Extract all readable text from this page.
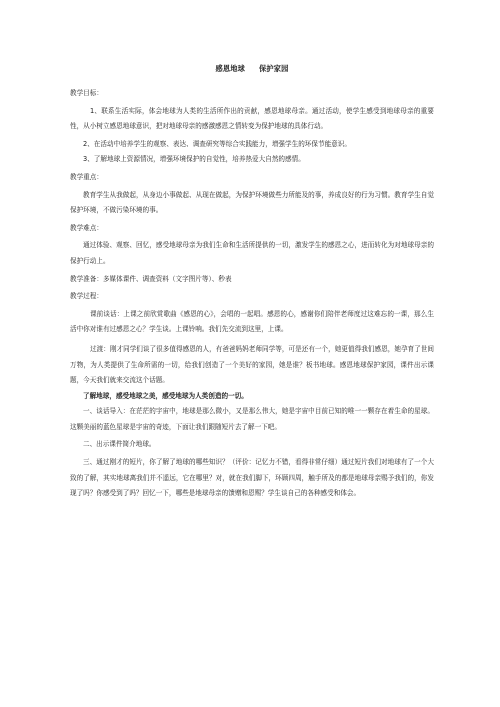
感恩地球 保护家园

教学目标：

1、联系生活实际，体会地球为人类的生活所作出的贡献，感恩地球母亲。通过活动，使学生感受到地球母亲的重要性，从小树立感恩地球意识，把对地球母亲的感激感恩之情转变为保护地球的具体行动。

2、在活动中培养学生的观察、表达、调查研究等综合实践能力，增强学生的环保节能意识。

3、了解地球上资源情况，增强环境保护的自觉性，培养热爱大自然的感情。

教学重点：

教育学生从我做起，从身边小事做起、从现在做起，为保护环境做些力所能及的事，养成良好的行为习惯。教育学生自觉保护环境，不做污染环境的事。

教学难点：

通过体验、观察、回忆，感受地球母亲为我们生命和生活所提供的一切，激发学生的感恩之心，进而转化为对地球母亲的保护行动上。

教学准备：多媒体课件、调查资料（文字图片等）、秒表

教学过程：

课前谈话：上课之前欣赏歌曲《感恩的心》，会唱的一起唱。感恩的心，感谢你们陪伴老师度过这难忘的一课，那么生活中你对谁有过感恩之心？学生谈。上课铃响。我们先交流到这里，上课。

过渡：刚才同学们谈了很多值得感恩的人，有爸爸妈妈老师同学等，可是还有一个，她更值得我们感恩，她孕育了世间万物，为人类提供了生命所需的一切，给我们创造了一个美好的家园，她是谁？板书地球。感恩地球保护家园，课件出示课题，今天我们就来交流这个话题。

了解地球，感受地球之美，感受地球为人类创造的一切。

一、谈话导入：在茫茫的宇宙中，地球是那么微小，又是那么伟大，她是宇宙中目前已知的唯一一颗存在着生命的星球。这颗美丽的蓝色星球是宇宙的奇迹，下面让我们跟随短片去了解一下吧。

二、出示课件简介地球。

三、通过刚才的短片，你了解了地球的哪些知识？（评价：记忆力不错，看得非常仔细）通过短片我们对地球有了一个大致的了解，其实地球离我们并不遥远，它在哪里？对，就在我们脚下，环顾四周，触手所及的都是地球母亲赐予我们的，你发现了吗？你感受到了吗？回忆一下，哪些是地球母亲的馈赠和恩赐？学生谈自己的各种感受和体会。
